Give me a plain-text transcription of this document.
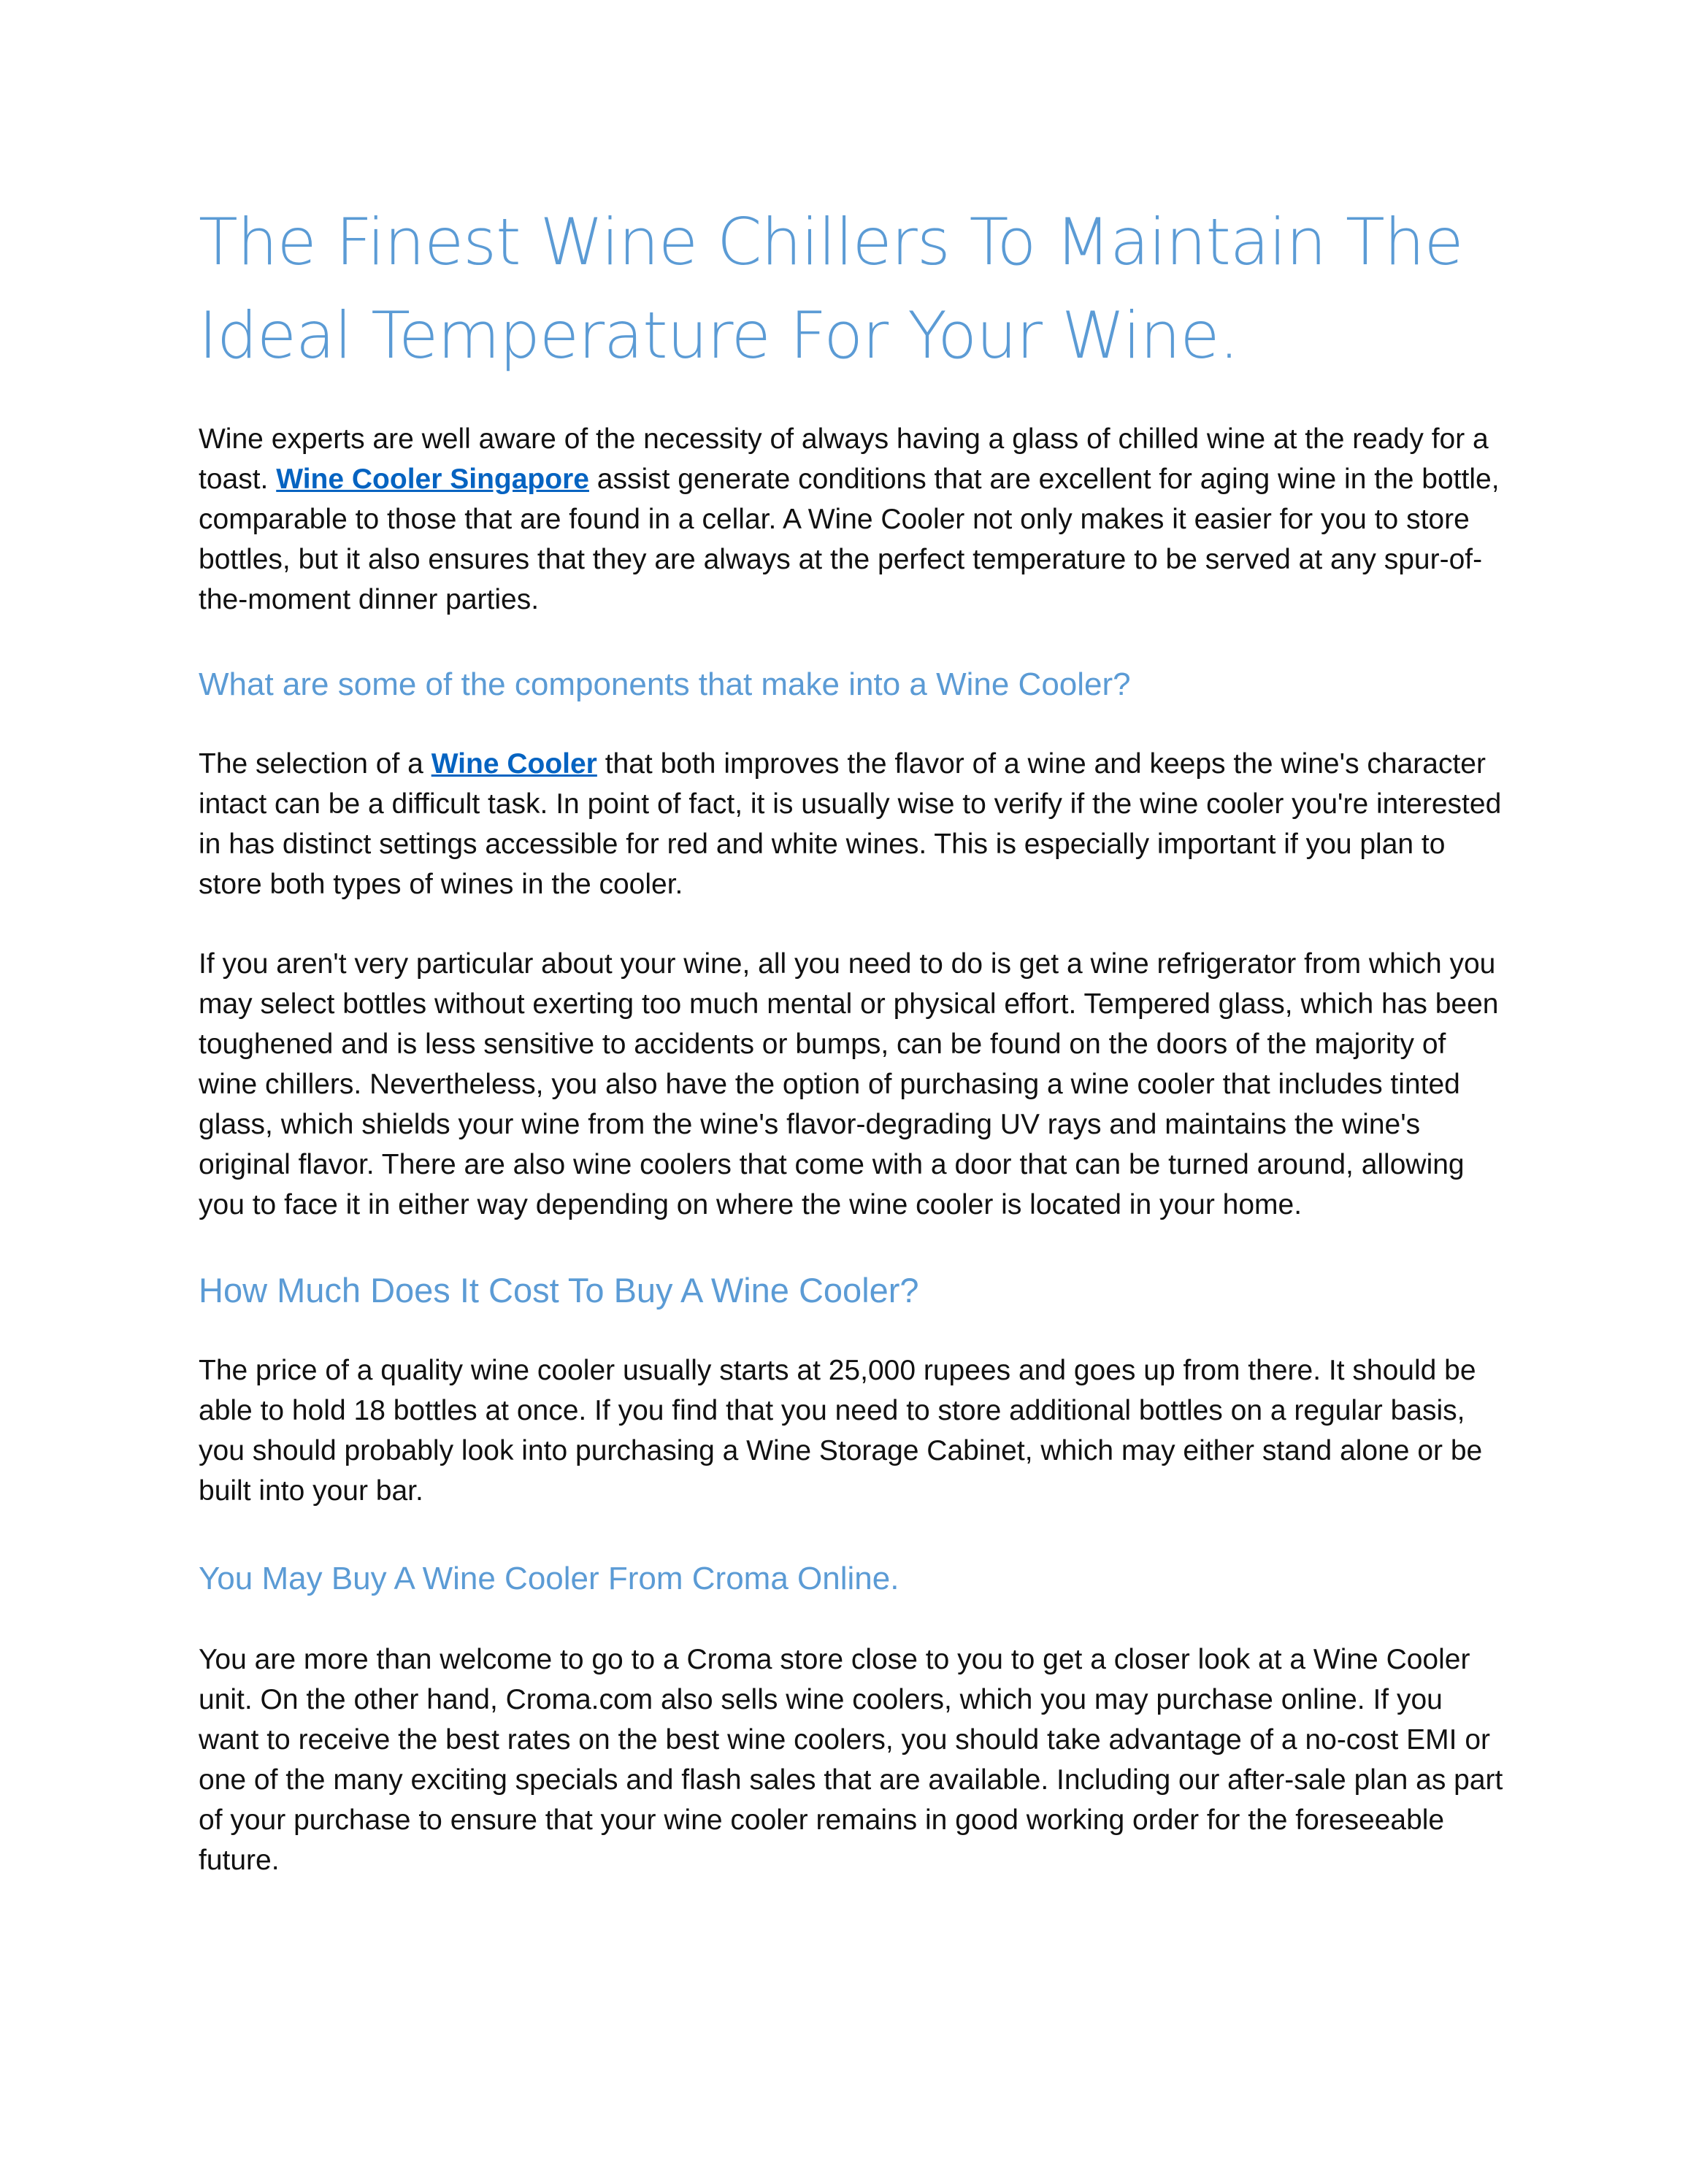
The Finest Wine Chillers To Maintain The
Ideal Temperature For Your Wine.

Wine experts are well aware of the necessity of always having a glass of chilled wine at the ready for a toast. Wine Cooler Singapore assist generate conditions that are excellent for aging wine in the bottle, comparable to those that are found in a cellar. A Wine Cooler not only makes it easier for you to store bottles, but it also ensures that they are always at the perfect temperature to be served at any spur-of-the-moment dinner parties.

What are some of the components that make into a Wine Cooler?

The selection of a Wine Cooler that both improves the flavor of a wine and keeps the wine's character intact can be a difficult task. In point of fact, it is usually wise to verify if the wine cooler you're interested in has distinct settings accessible for red and white wines. This is especially important if you plan to store both types of wines in the cooler.

If you aren't very particular about your wine, all you need to do is get a wine refrigerator from which you may select bottles without exerting too much mental or physical effort. Tempered glass, which has been toughened and is less sensitive to accidents or bumps, can be found on the doors of the majority of wine chillers. Nevertheless, you also have the option of purchasing a wine cooler that includes tinted glass, which shields your wine from the wine's flavor-degrading UV rays and maintains the wine's original flavor. There are also wine coolers that come with a door that can be turned around, allowing you to face it in either way depending on where the wine cooler is located in your home.

How Much Does It Cost To Buy A Wine Cooler?

The price of a quality wine cooler usually starts at 25,000 rupees and goes up from there. It should be able to hold 18 bottles at once. If you find that you need to store additional bottles on a regular basis, you should probably look into purchasing a Wine Storage Cabinet, which may either stand alone or be built into your bar.

You May Buy A Wine Cooler From Croma Online.

You are more than welcome to go to a Croma store close to you to get a closer look at a Wine Cooler unit. On the other hand, Croma.com also sells wine coolers, which you may purchase online. If you want to receive the best rates on the best wine coolers, you should take advantage of a no-cost EMI or one of the many exciting specials and flash sales that are available. Including our after-sale plan as part of your purchase to ensure that your wine cooler remains in good working order for the foreseeable future.
